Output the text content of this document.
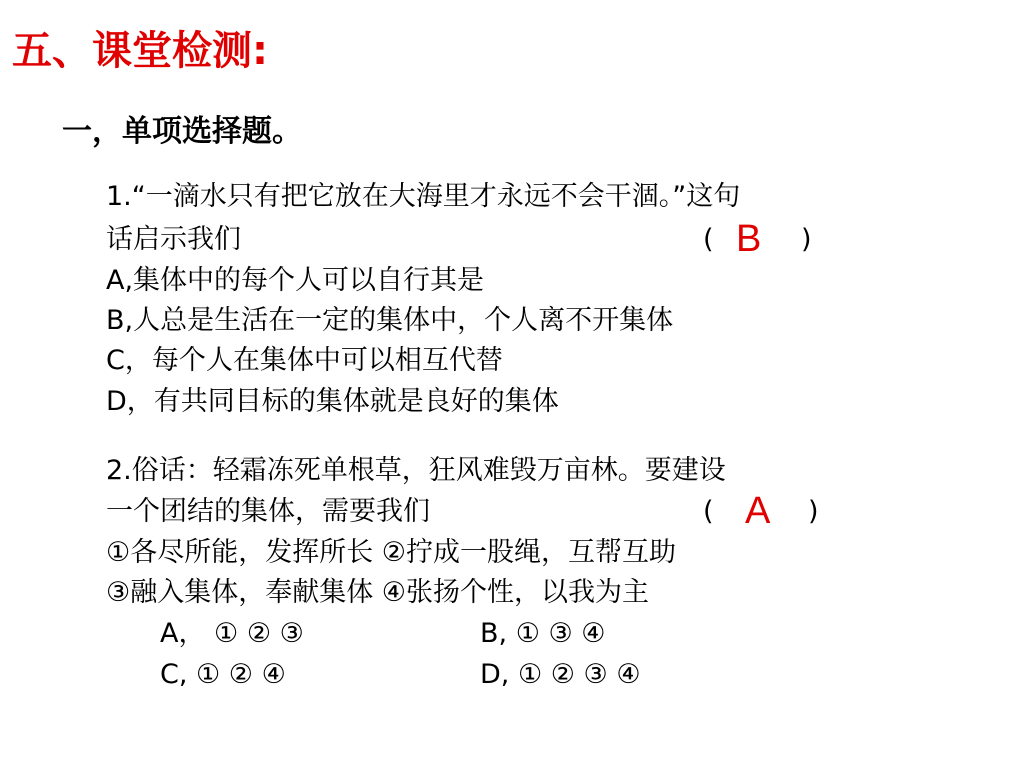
五、课堂检测:
一，单项选择题。
1.“一滴水只有把它放在大海里才永远不会干涸。”这句
话启示我们	( B )
A,集体中的每个人可以自行其是
B,人总是生活在一定的集体中，个人离不开集体
C，每个人在集体中可以相互代替
D，有共同目标的集体就是良好的集体
2.俗话：轻霜冻死单根草，狂风难毁万亩林。要建设
一个团结的集体，需要我们	( A )
①各尽所能，发挥所长 ②拧成一股绳，互帮互助
③融入集体，奉献集体 ④张扬个性，以我为主
A， ① ② ③	B, ① ③ ④
C, ① ② ④	D, ① ② ③ ④
